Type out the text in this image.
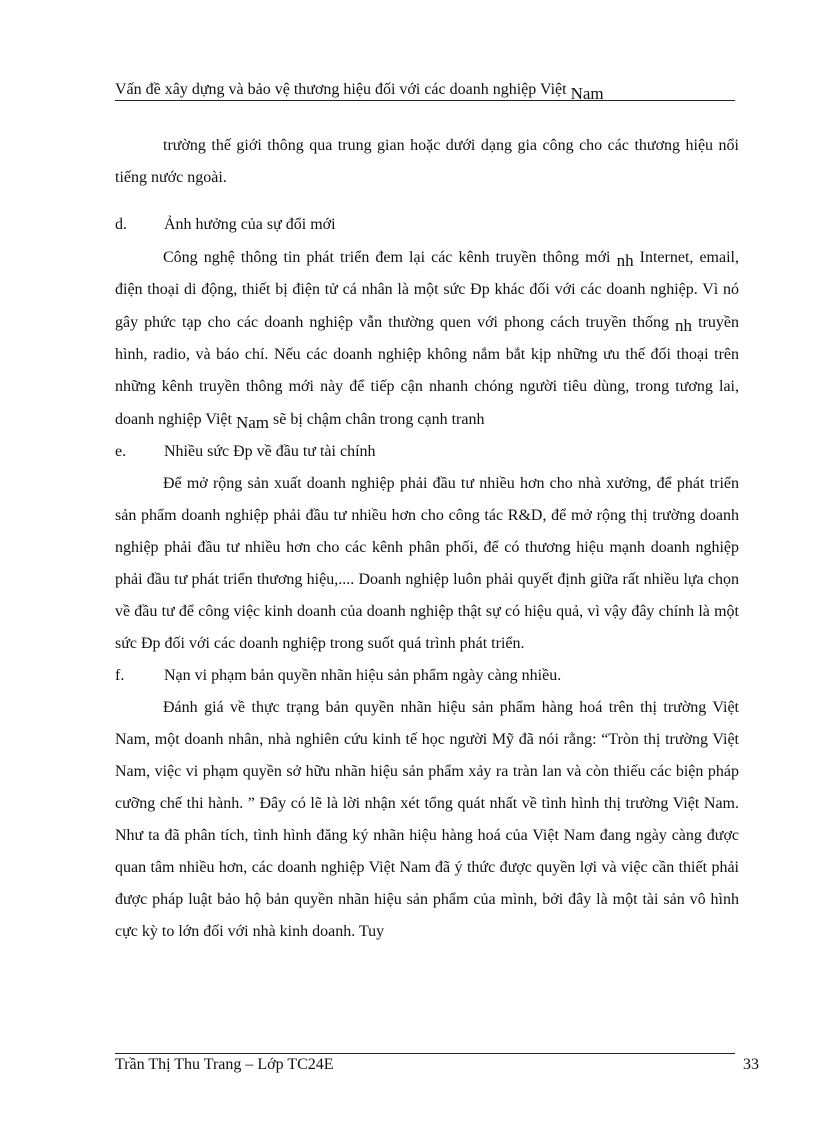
Vấn đề xây dựng và bảo vệ thương hiệu đối với các doanh nghiệp Việt Nam

trường thế giới thông qua trung gian hoặc dưới dạng gia công cho các thương hiệu nổi tiếng nước ngoài.

d.	Ảnh hưởng của sự đổi mới

Công nghệ thông tin phát triển đem lại các kênh truyền thông mới nh Internet, email, điện thoại di động, thiết bị điện tử cá nhân là một sức Đp khác đối với các doanh nghiệp. Vì nó gây phức tạp cho các doanh nghiệp vẫn thường quen với phong cách truyền thống nh truyền hình, radio, và báo chí. Nếu các doanh nghiệp không nắm bắt kịp những ưu thế đối thoại trên những kênh truyền thông mới này để tiếp cận nhanh chóng người tiêu dùng, trong tương lai, doanh nghiệp Việt Nam sẽ bị chậm chân trong cạnh tranh

e.	Nhiều sức Đp về đầu tư tài chính

Để mở rộng sản xuất doanh nghiệp phải đầu tư nhiều hơn cho nhà xưởng, để phát triển sản phẩm doanh nghiệp phải đầu tư nhiều hơn cho công tác R&D, để mở rộng thị trường doanh nghiệp phải đầu tư nhiều hơn cho các kênh phân phối, để có thương hiệu mạnh doanh nghiệp phải đầu tư phát triển thương hiệu,.... Doanh nghiệp luôn phải quyết định giữa rất nhiều lựa chọn về đầu tư để công việc kinh doanh của doanh nghiệp thật sự có hiệu quả, vì vậy đây chính là một sức Đp đối với các doanh nghiệp trong suốt quá trình phát triển.

f.	Nạn vi phạm bản quyền nhãn hiệu sản phẩm ngày càng nhiều.

Đánh giá về thực trạng bản quyền nhãn hiệu sản phẩm hàng hoá trên thị trường Việt Nam, một doanh nhân, nhà nghiên cứu kinh tế học người Mỹ đã nói rằng: “Tròn thị trường Việt Nam, việc vi phạm quyền sở hữu nhãn hiệu sản phẩm xảy ra tràn lan và còn thiếu các biện pháp cưỡng chế thi hành. ” Đây có lẽ là lời nhận xét tổng quát nhất về tình hình thị trường Việt Nam. Như ta đã phân tích, tình hình đăng ký nhãn hiệu hàng hoá của Việt Nam đang ngày càng được quan tâm nhiều hơn, các doanh nghiệp Việt Nam đã ý thức được quyền lợi và việc cần thiết phải được pháp luật bảo hộ bản quyền nhãn hiệu sản phẩm của mình, bởi đây là một tài sản vô hình cực kỳ to lớn đối với nhà kinh doanh. Tuy

Trần Thị Thu Trang – Lớp TC24E	33
